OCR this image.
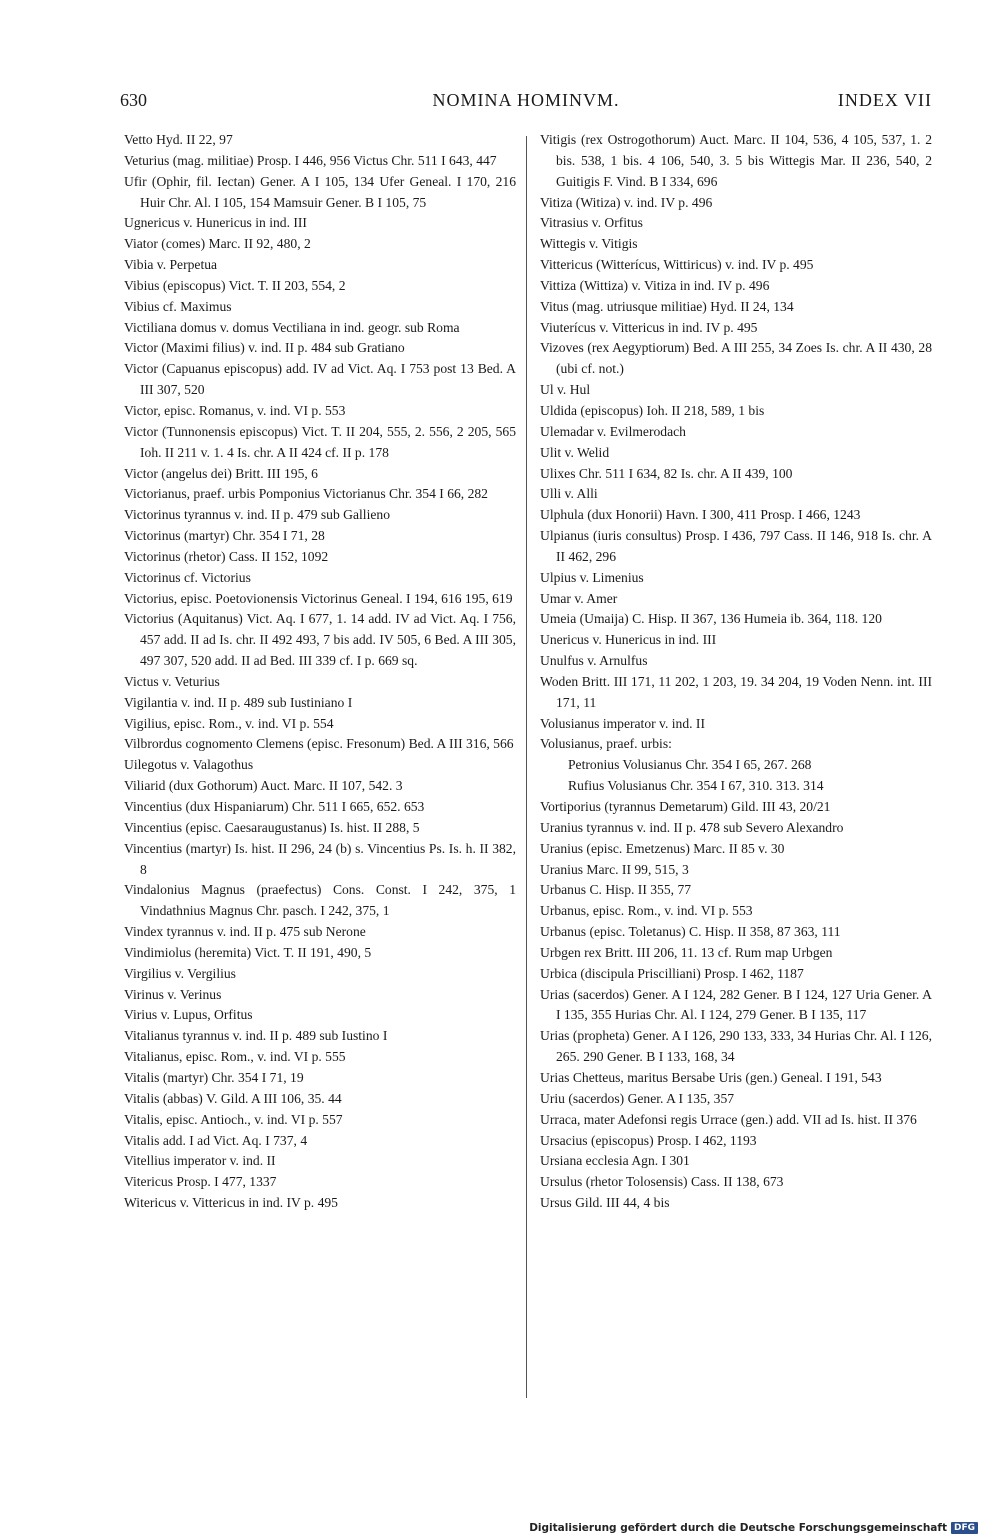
630	NOMINA HOMINVM.	INDEX VII

Vetto Hyd. II 22, 97

Veturius (mag. militiae) Prosp. I 446, 956 Victus Chr. 511 I 643, 447

Ufir (Ophir, fil. Iectan) Gener. A I 105, 134 Ufer Geneal. I 170, 216 Huir Chr. Al. I 105, 154 Mamsuir Gener. B I 105, 75

Ugnericus v. Hunericus in ind. III

Viator (comes) Marc. II 92, 480, 2

Vibia v. Perpetua

Vibius (episcopus) Vict. T. II 203, 554, 2

Vibius cf. Maximus

Victiliana domus v. domus Vectiliana in ind. geogr. sub Roma

Victor (Maximi filius) v. ind. II p. 484 sub Gratiano

Victor (Capuanus episcopus) add. IV ad Vict. Aq. I 753 post 13 Bed. A III 307, 520

Victor, episc. Romanus, v. ind. VI p. 553

Victor (Tunnonensis episcopus) Vict. T. II 204, 555, 2. 556, 2 205, 565 Ioh. II 211 v. 1. 4 Is. chr. A II 424 cf. II p. 178

Victor (angelus dei) Britt. III 195, 6

Victorianus, praef. urbis Pomponius Victorianus Chr. 354 I 66, 282

Victorinus tyrannus v. ind. II p. 479 sub Gallieno

Victorinus (martyr) Chr. 354 I 71, 28

Victorinus (rhetor) Cass. II 152, 1092

Victorinus cf. Victorius

Victorius, episc. Poetovionensis Victorinus Geneal. I 194, 616 195, 619

Victorius (Aquitanus) Vict. Aq. I 677, 1. 14 add. IV ad Vict. Aq. I 756, 457 add. II ad Is. chr. II 492 493, 7 bis add. IV 505, 6 Bed. A III 305, 497 307, 520 add. II ad Bed. III 339 cf. I p. 669 sq.

Victus v. Veturius

Vigilantia v. ind. II p. 489 sub Iustiniano I

Vigilius, episc. Rom., v. ind. VI p. 554

Vilbrordus cognomento Clemens (episc. Fresonum) Bed. A III 316, 566

Uilegotus v. Valagothus

Viliarid (dux Gothorum) Auct. Marc. II 107, 542. 3

Vincentius (dux Hispaniarum) Chr. 511 I 665, 652. 653

Vincentius (episc. Caesaraugustanus) Is. hist. II 288, 5

Vincentius (martyr) Is. hist. II 296, 24 (b) s. Vincentius Ps. Is. h. II 382, 8

Vindalonius Magnus (praefectus) Cons. Const. I 242, 375, 1 Vindathnius Magnus Chr. pasch. I 242, 375, 1

Vindex tyrannus v. ind. II p. 475 sub Nerone

Vindimiolus (heremita) Vict. T. II 191, 490, 5

Virgilius v. Vergilius

Virinus v. Verinus

Virius v. Lupus, Orfitus

Vitalianus tyrannus v. ind. II p. 489 sub Iustino I

Vitalianus, episc. Rom., v. ind. VI p. 555

Vitalis (martyr) Chr. 354 I 71, 19

Vitalis (abbas) V. Gild. A III 106, 35. 44

Vitalis, episc. Antioch., v. ind. VI p. 557

Vitalis add. I ad Vict. Aq. I 737, 4

Vitellius imperator v. ind. II

Vitericus Prosp. I 477, 1337

Witericus v. Vittericus in ind. IV p. 495

Vitigis (rex Ostrogothorum) Auct. Marc. II 104, 536, 4 105, 537, 1. 2 bis. 538, 1 bis. 4 106, 540, 3. 5 bis Wittegis Mar. II 236, 540, 2 Guitigis F. Vind. B I 334, 696

Vitiza (Witiza) v. ind. IV p. 496

Vitrasius v. Orfitus

Wittegis v. Vitigis

Vittericus (Witterícus, Wittiricus) v. ind. IV p. 495

Vittiza (Wittiza) v. Vitiza in ind. IV p. 496

Vitus (mag. utriusque militiae) Hyd. II 24, 134

Viuterícus v. Vittericus in ind. IV p. 495

Vizoves (rex Aegyptiorum) Bed. A III 255, 34 Zoes Is. chr. A II 430, 28 (ubi cf. not.)

Ul v. Hul

Uldida (episcopus) Ioh. II 218, 589, 1 bis

Ulemadar v. Evilmerodach

Ulit v. Welid

Ulixes Chr. 511 I 634, 82 Is. chr. A II 439, 100

Ulli v. Alli

Ulphula (dux Honorii) Havn. I 300, 411 Prosp. I 466, 1243

Ulpianus (iuris consultus) Prosp. I 436, 797 Cass. II 146, 918 Is. chr. A II 462, 296

Ulpius v. Limenius

Umar v. Amer

Umeia (Umaija) C. Hisp. II 367, 136 Humeia ib. 364, 118. 120

Unericus v. Hunericus in ind. III

Unulfus v. Arnulfus

Woden Britt. III 171, 11 202, 1 203, 19. 34 204, 19 Voden Nenn. int. III 171, 11

Volusianus imperator v. ind. II

Volusianus, praef. urbis:

Petronius Volusianus Chr. 354 I 65, 267. 268

Rufius Volusianus Chr. 354 I 67, 310. 313. 314

Vortiporius (tyrannus Demetarum) Gild. III 43, 20/21

Uranius tyrannus v. ind. II p. 478 sub Severo Alexandro

Uranius (episc. Emetzenus) Marc. II 85 v. 30

Uranius Marc. II 99, 515, 3

Urbanus C. Hisp. II 355, 77

Urbanus, episc. Rom., v. ind. VI p. 553

Urbanus (episc. Toletanus) C. Hisp. II 358, 87 363, 111

Urbgen rex Britt. III 206, 11. 13 cf. Rum map Urbgen

Urbica (discipula Priscilliani) Prosp. I 462, 1187

Urias (sacerdos) Gener. A I 124, 282 Gener. B I 124, 127 Uria Gener. A I 135, 355 Hurias Chr. Al. I 124, 279 Gener. B I 135, 117

Urias (propheta) Gener. A I 126, 290 133, 333, 34 Hurias Chr. Al. I 126, 265. 290 Gener. B I 133, 168, 34

Urias Chetteus, maritus Bersabe Uris (gen.) Geneal. I 191, 543

Uriu (sacerdos) Gener. A I 135, 357

Urraca, mater Adefonsi regis Urrace (gen.) add. VII ad Is. hist. II 376

Ursacius (episcopus) Prosp. I 462, 1193

Ursiana ecclesia Agn. I 301

Ursulus (rhetor Tolosensis) Cass. II 138, 673

Ursus Gild. III 44, 4 bis

Digitalisierung gefördert durch die Deutsche Forschungsgemeinschaft DFG
